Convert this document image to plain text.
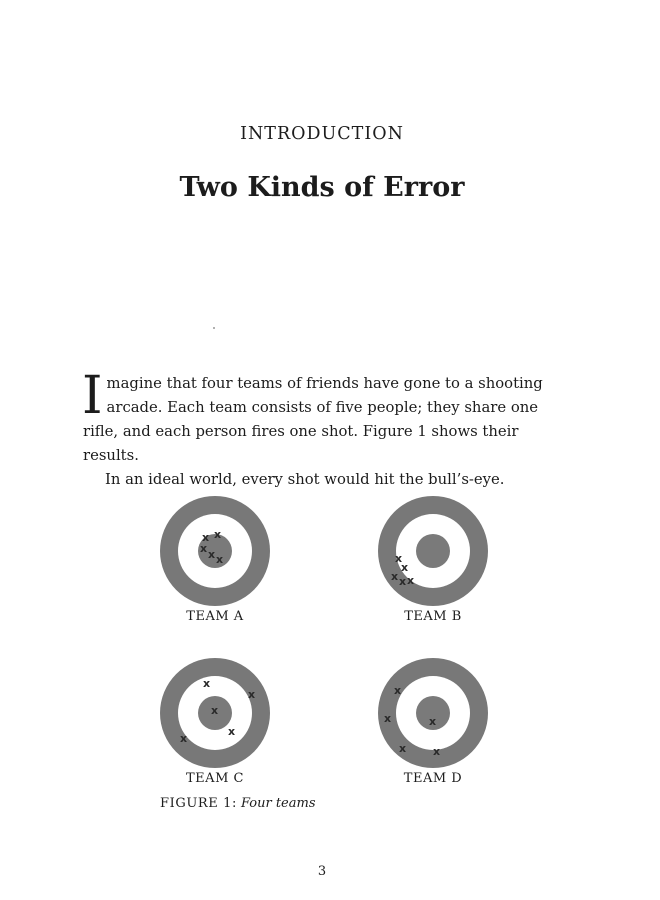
INTRODUCTION
Two Kinds of Error

Imagine that four teams of friends have gone to a shooting arcade. Each team consists of five people; they share one rifle, and each person fires one shot. Figure 1 shows their results.

In an ideal world, every shot would hit the bull’s-eye.

x x
x x x
TEAM A
x
x
x x x
TEAM B
x
x
x
x
x
TEAM C
x
x	x
x x
TEAM D
FIGURE 1: Four teams
3
